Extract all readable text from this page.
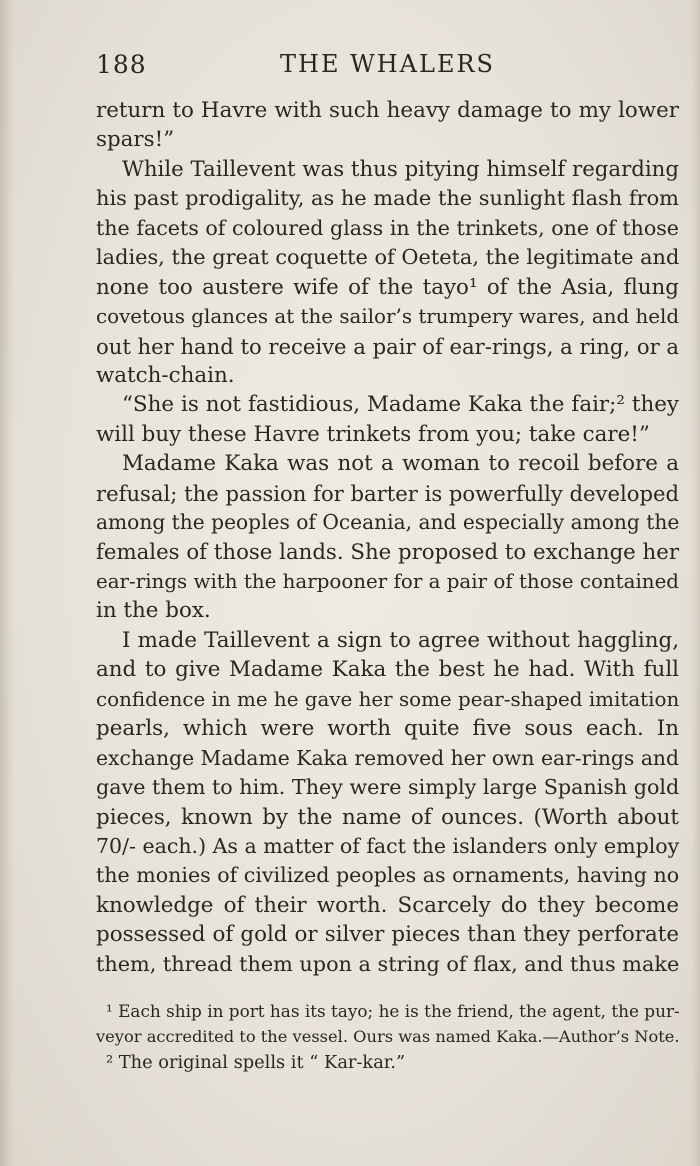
188	THE WHALERS
return to Havre with such heavy damage to my lower
spars!”
While Taillevent was thus pitying himself regarding
his past prodigality, as he made the sunlight flash from
the facets of coloured glass in the trinkets, one of those
ladies, the great coquette of Oeteta, the legitimate and
none too austere wife of the tayo¹ of the Asia, flung
covetous glances at the sailor’s trumpery wares, and held
out her hand to receive a pair of ear-rings, a ring, or a
watch-chain.
“She is not fastidious, Madame Kaka the fair;² they
will buy these Havre trinkets from you; take care!”
Madame Kaka was not a woman to recoil before a
refusal; the passion for barter is powerfully developed
among the peoples of Oceania, and especially among the
females of those lands. She proposed to exchange her
ear-rings with the harpooner for a pair of those contained
in the box.
I made Taillevent a sign to agree without haggling,
and to give Madame Kaka the best he had. With full
confidence in me he gave her some pear-shaped imitation
pearls, which were worth quite five sous each. In
exchange Madame Kaka removed her own ear-rings and
gave them to him. They were simply large Spanish gold
pieces, known by the name of ounces. (Worth about
70/- each.) As a matter of fact the islanders only employ
the monies of civilized peoples as ornaments, having no
knowledge of their worth. Scarcely do they become
possessed of gold or silver pieces than they perforate
them, thread them upon a string of flax, and thus make
¹ Each ship in port has its tayo; he is the friend, the agent, the pur-
veyor accredited to the vessel. Ours was named Kaka.—Author’s Note.
² The original spells it “ Kar-kar.”
